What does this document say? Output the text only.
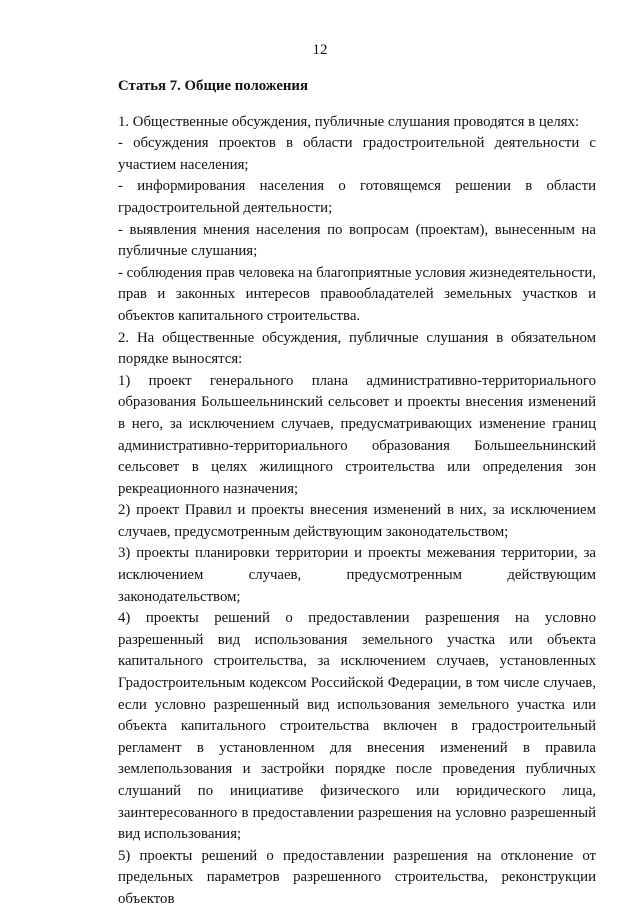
12
Статья 7. Общие положения

1. Общественные обсуждения, публичные слушания проводятся в целях:

- обсуждения проектов в области градостроительной деятельности с участием населения;

- информирования населения о готовящемся решении в области градостроительной деятельности;

- выявления мнения населения по вопросам (проектам), вынесенным на публичные слушания;

- соблюдения прав человека на благоприятные условия жизнедеятельности, прав и законных интересов правообладателей земельных участков и объектов капитального строительства.

2. На общественные обсуждения, публичные слушания в обязательном порядке выносятся:

1) проект генерального плана административно-территориального образования Большеельнинский сельсовет и проекты внесения изменений в него, за исключением случаев, предусматривающих изменение границ административно-территориального образования Большеельнинский сельсовет в целях жилищного строительства или определения зон рекреационного назначения;

2) проект Правил и проекты внесения изменений в них, за исключением случаев, предусмотренным действующим законодательством;

3) проекты планировки территории и проекты межевания территории, за исключением случаев, предусмотренным действующим законодательством;

4) проекты решений о предоставлении разрешения на условно разрешенный вид использования земельного участка или объекта капитального строительства, за исключением случаев, установленных Градостроительным кодексом Российской Федерации, в том числе случаев, если условно разрешенный вид использования земельного участка или объекта капитального строительства включен в градостроительный регламент в установленном для внесения изменений в правила землепользования и застройки порядке после проведения публичных слушаний по инициативе физического или юридического лица, заинтересованного в предоставлении разрешения на условно разрешенный вид использования;

5) проекты решений о предоставлении разрешения на отклонение от предельных параметров разрешенного строительства, реконструкции объектов
